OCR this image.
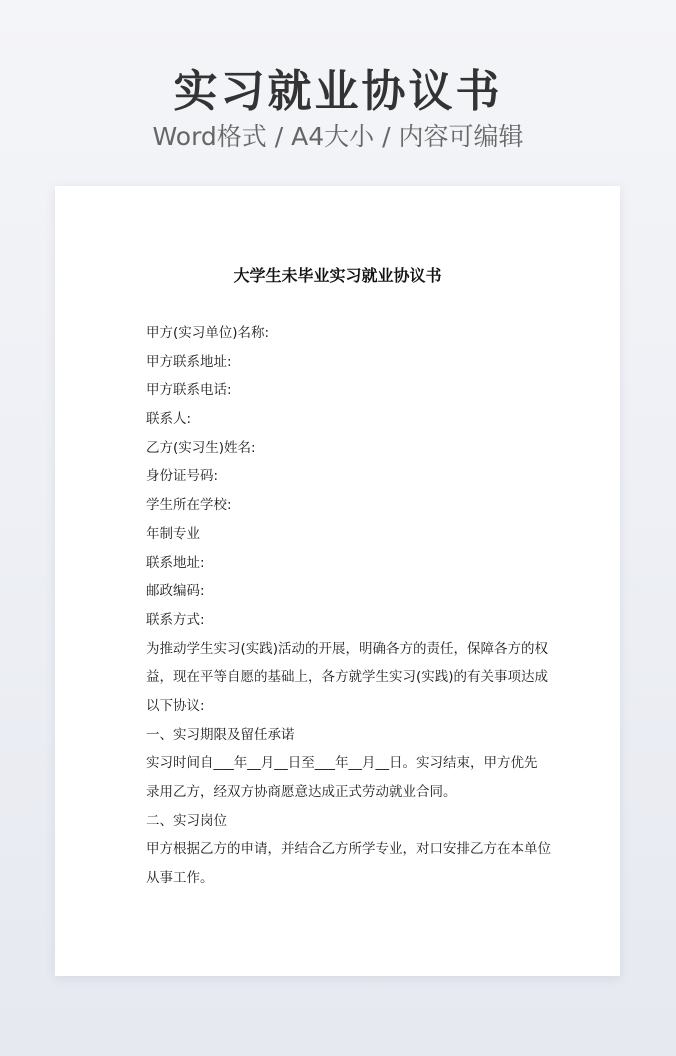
实习就业协议书
Word格式 / A4大小 / 内容可编辑
大学生未毕业实习就业协议书
甲方(实习单位)名称:
甲方联系地址:
甲方联系电话:
联系人:
乙方(实习生)姓名:
身份证号码:
学生所在学校:
年制专业
联系地址:
邮政编码:
联系方式:
为推动学生实习(实践)活动的开展，明确各方的责任，保障各方的权
益，现在平等自愿的基础上，各方就学生实习(实践)的有关事项达成
以下协议:
一、实习期限及留任承诺
实习时间自___年__月__日至___年__月__日。实习结束，甲方优先
录用乙方，经双方协商愿意达成正式劳动就业合同。
二、实习岗位
甲方根据乙方的申请，并结合乙方所学专业，对口安排乙方在本单位
从事工作。
